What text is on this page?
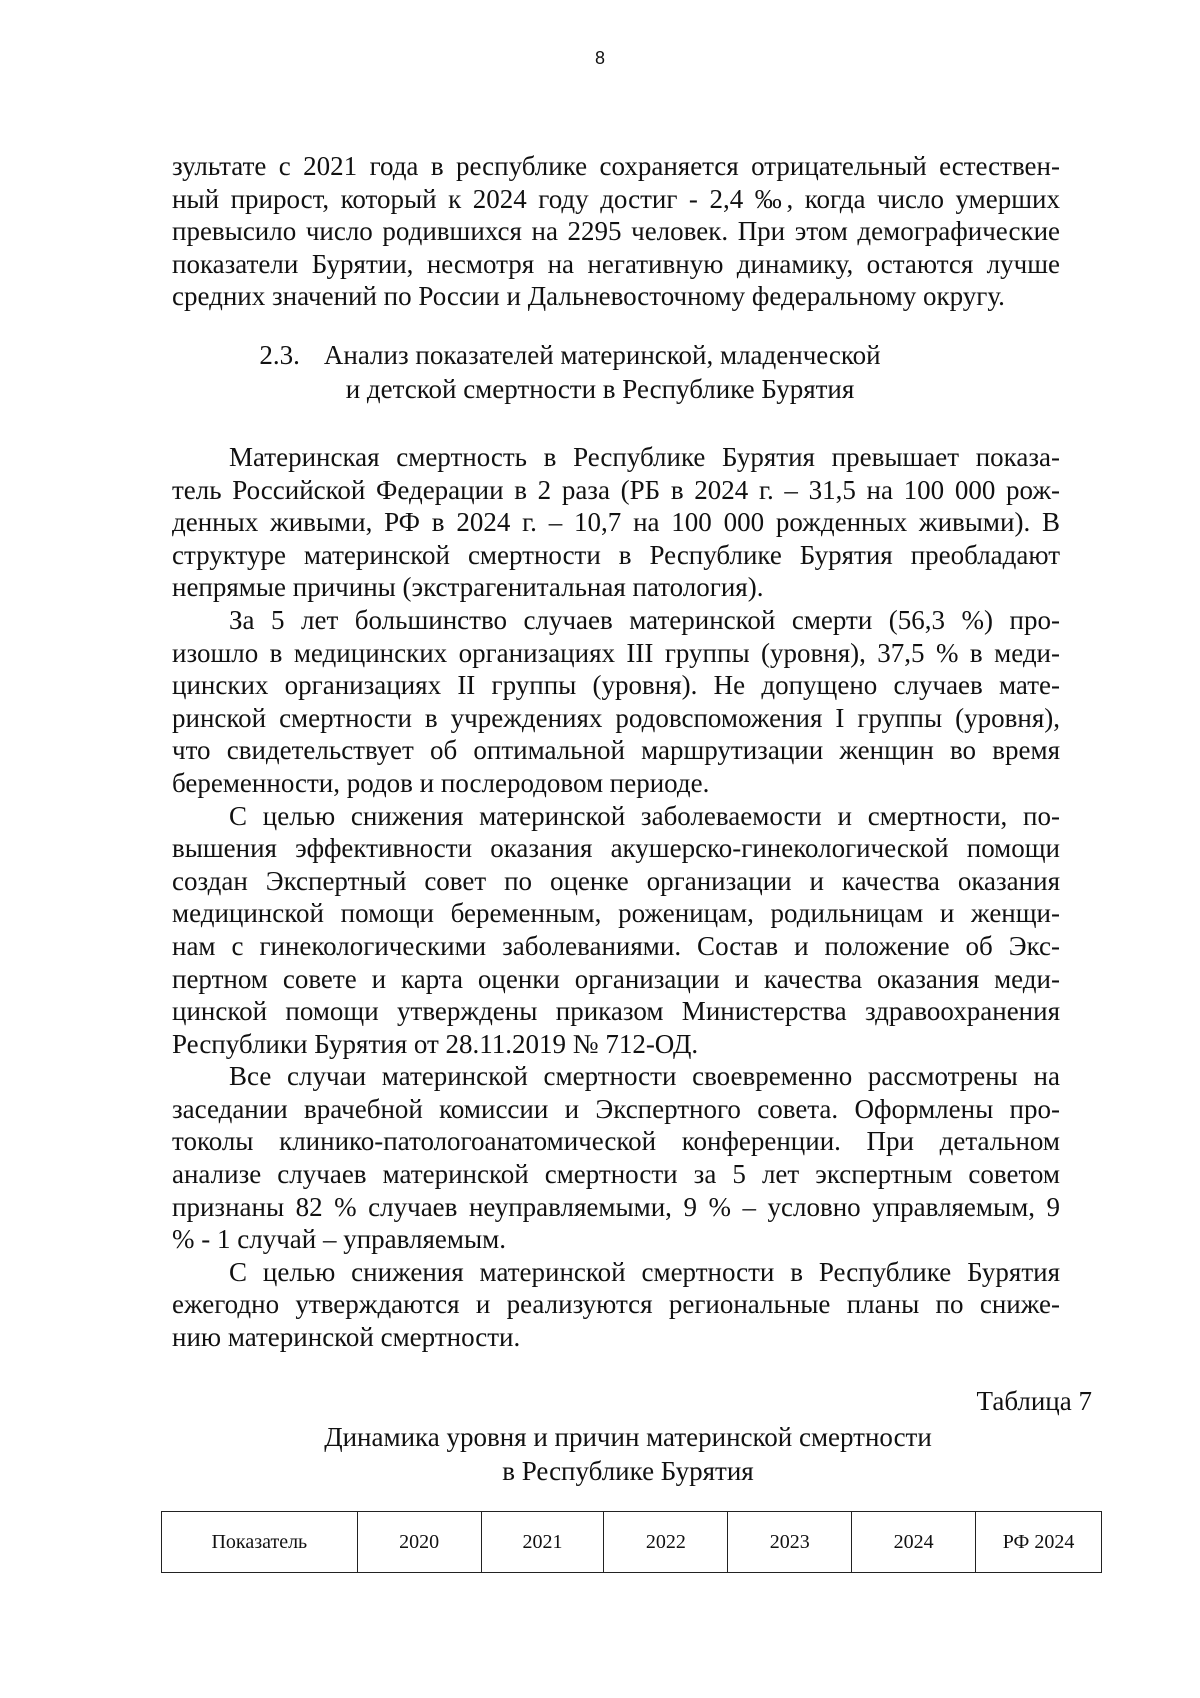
8

зультате с 2021 года в республике сохраняется отрицательный естествен-

ный прирост, который к 2024 году достиг - 2,4 ‰, когда число умерших

превысило число родившихся на 2295 человек. При этом демографические

показатели Бурятии, несмотря на негативную динамику, остаются лучше

средних значений по России и Дальневосточному федеральному округу.

2.3. Анализ показателей материнской, младенческой
и детской смертности в Республике Бурятия

Материнская смертность в Республике Бурятия превышает показа-

тель Российской Федерации в 2 раза (РБ в 2024 г. – 31,5 на 100 000 рож-

денных живыми, РФ в 2024 г. – 10,7 на 100 000 рожденных живыми). В

структуре материнской смертности в Республике Бурятия преобладают

непрямые причины (экстрагенитальная патология).

За 5 лет большинство случаев материнской смерти (56,3 %) про-

изошло в медицинских организациях III группы (уровня), 37,5 % в меди-

цинских организациях II группы (уровня). Не допущено случаев мате-

ринской смертности в учреждениях родовспоможения I группы (уровня),

что свидетельствует об оптимальной маршрутизации женщин во время

беременности, родов и послеродовом периоде.

С целью снижения материнской заболеваемости и смертности, по-

вышения эффективности оказания акушерско-гинекологической помощи

создан Экспертный совет по оценке организации и качества оказания

медицинской помощи беременным, роженицам, родильницам и женщи-

нам с гинекологическими заболеваниями. Состав и положение об Экс-

пертном совете и карта оценки организации и качества оказания меди-

цинской помощи утверждены приказом Министерства здравоохранения

Республики Бурятия от 28.11.2019 № 712-ОД.

Все случаи материнской смертности своевременно рассмотрены на

заседании врачебной комиссии и Экспертного совета. Оформлены про-

токолы клинико-патологоанатомической конференции. При детальном

анализе случаев материнской смертности за 5 лет экспертным советом

признаны 82 % случаев неуправляемыми, 9 % – условно управляемым, 9

% - 1 случай – управляемым.

С целью снижения материнской смертности в Республике Бурятия

ежегодно утверждаются и реализуются региональные планы по сниже-

нию материнской смертности.

Таблица 7
Динамика уровня и причин материнской смертности
в Республике Бурятия
Показатель	2020	2021	2022	2023	2024	РФ 2024
